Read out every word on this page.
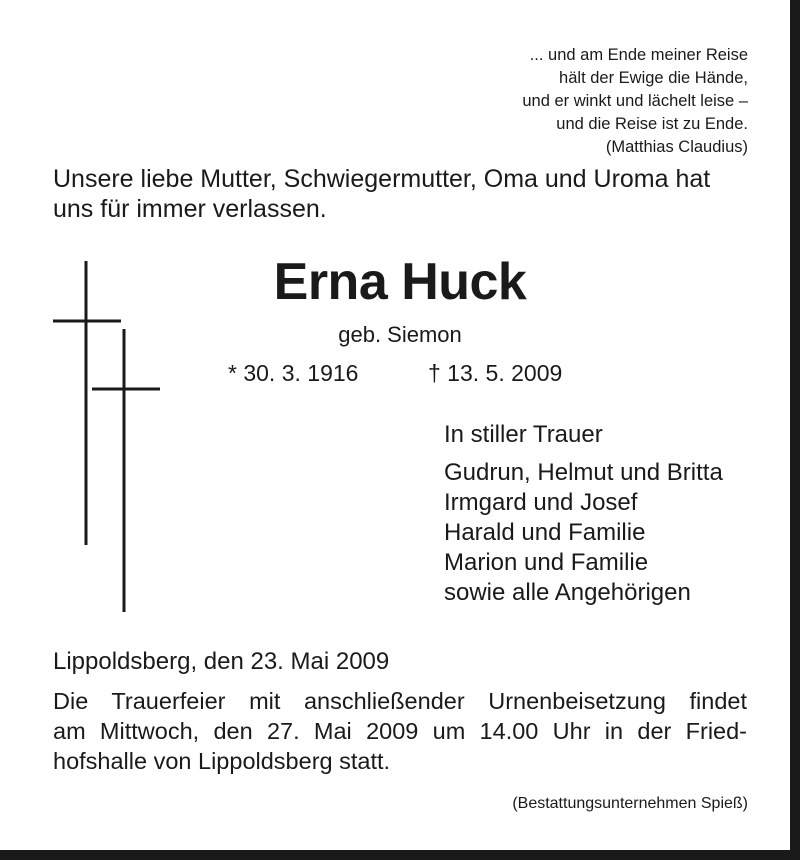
... und am Ende meiner Reise
hält der Ewige die Hände,
und er winkt und lächelt leise –
und die Reise ist zu Ende.
(Matthias Claudius)
Unsere liebe Mutter, Schwiegermutter, Oma und Uroma hat
uns für immer verlassen.
Erna Huck
geb. Siemon
* 30. 3. 1916	† 13. 5. 2009
In stiller Trauer
Gudrun, Helmut und Britta
Irmgard und Josef
Harald und Familie
Marion und Familie
sowie alle Angehörigen
Lippoldsberg, den 23. Mai 2009
Die Trauerfeier mit anschließender Urnenbeisetzung findet
am Mittwoch, den 27. Mai 2009 um 14.00 Uhr in der Fried-
hofshalle von Lippoldsberg statt.
(Bestattungsunternehmen Spieß)
